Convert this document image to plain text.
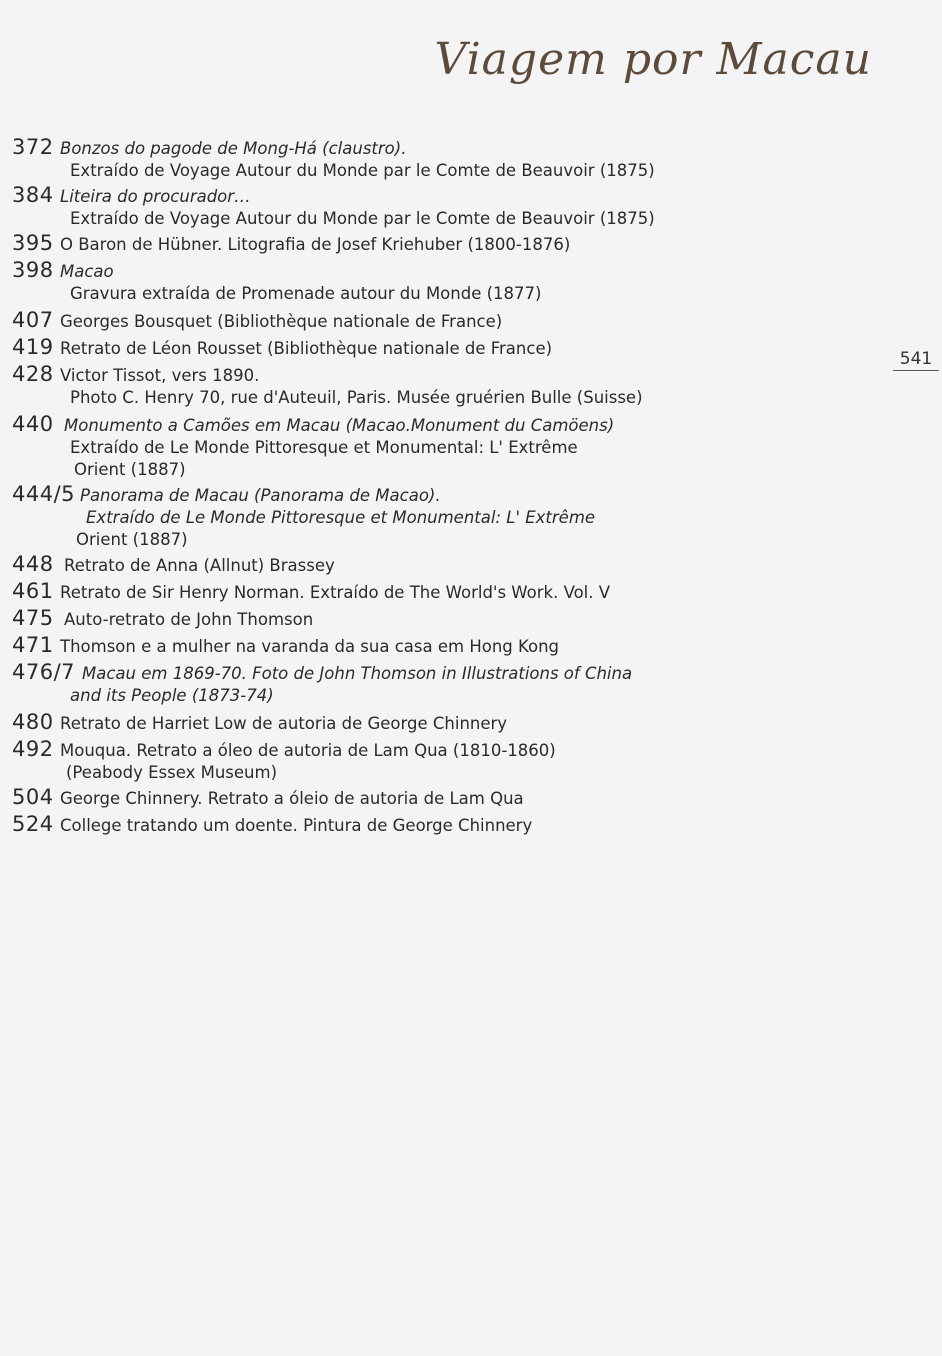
Viagem por Macau
541
372 Bonzos do pagode de Mong-Há (claustro).
Extraído de Voyage Autour du Monde par le Comte de Beauvoir (1875)
384 Liteira do procurador…
Extraído de Voyage Autour du Monde par le Comte de Beauvoir (1875)
395 O Baron de Hübner. Litografia de Josef Kriehuber (1800-1876)
398 Macao
Gravura extraída de Promenade autour du Monde (1877)
407 Georges Bousquet (Bibliothèque nationale de France)
419 Retrato de Léon Rousset (Bibliothèque nationale de France)
428 Victor Tissot, vers 1890.
Photo C. Henry 70, rue d'Auteuil, Paris. Musée gruérien Bulle (Suisse)
440 Monumento a Camões em Macau (Macao.Monument du Camöens)
Extraído de Le Monde Pittoresque et Monumental: L' Extrême
Orient (1887)
444/5 Panorama de Macau (Panorama de Macao).
Extraído de Le Monde Pittoresque et Monumental: L' Extrême
Orient (1887)
448 Retrato de Anna (Allnut) Brassey
461 Retrato de Sir Henry Norman. Extraído de The World's Work. Vol. V
475 Auto-retrato de John Thomson
471 Thomson e a mulher na varanda da sua casa em Hong Kong
476/7 Macau em 1869-70. Foto de John Thomson in Illustrations of China
and its People (1873-74)
480 Retrato de Harriet Low de autoria de George Chinnery
492 Mouqua. Retrato a óleo de autoria de Lam Qua (1810-1860)
(Peabody Essex Museum)
504 George Chinnery. Retrato a óleio de autoria de Lam Qua
524 College tratando um doente. Pintura de George Chinnery
